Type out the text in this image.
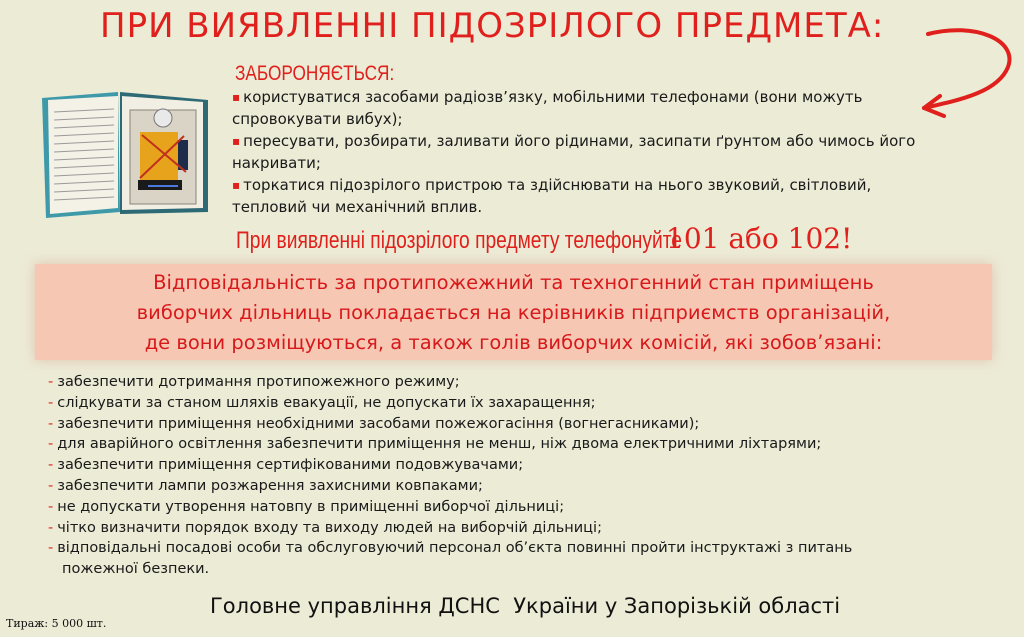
ПРИ ВИЯВЛЕННІ ПІДОЗРІЛОГО ПРЕДМЕТА:
ЗАБОРОНЯЄТЬСЯ:
▪ користуватися засобами радіозв’язку, мобільними телефонами (вони можуть
спровокувати вибух);
▪ пересувати, розбирати, заливати його рідинами, засипати ґрунтом або чимось його
накривати;
▪ торкатися підозрілого пристрою та здійснювати на нього звуковий, світловий,
тепловий чи механічний вплив.
При виявленні підозрілого предмету телефонуйте101 або 102!
Відповідальність за протипожежний та техногенний стан приміщень
виборчих дільниць покладається на керівників підприємств організацій,
де вони розміщуються, а також голів виборчих комісій, які зобов’язані:
- забезпечити дотримання протипожежного режиму;
- слідкувати за станом шляхів евакуації, не допускати їх захаращення;
- забезпечити приміщення необхідними засобами пожежогасіння (вогнегасниками);
- для аварійного освітлення забезпечити приміщення не менш, ніж двома електричними ліхтарями;
- забезпечити приміщення сертифікованими подовжувачами;
- забезпечити лампи розжарення захисними ковпаками;
- не допускати утворення натовпу в приміщенні виборчої дільниці;
- чітко визначити порядок входу та виходу людей на виборчій дільниці;
- відповідальні посадові особи та обслуговуючий персонал об’єкта повинні пройти інструктажі з питань
пожежної безпеки.
Головне управління ДСНС  України у Запорізькій області
Тираж: 5 000 шт.
